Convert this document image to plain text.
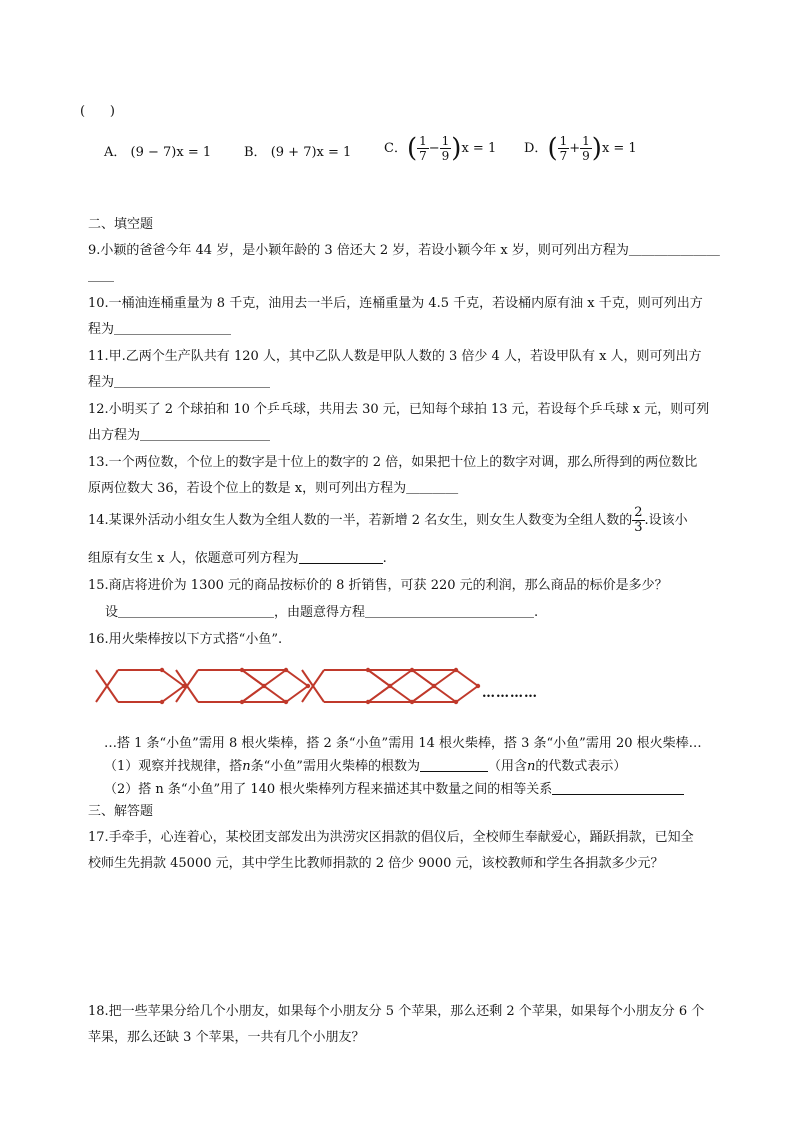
(      )
A． (9 − 7)x = 1	B． (9 + 7)x = 1	C．( $\frac{1}{7} - \frac{1}{9} )x = 1$ D．( $\frac{1}{7} + \frac{1}{9} )x = 1$
二、填空题
9.小颖的爸爸今年 44 岁，是小颖年龄的 3 倍还大 2 岁，若设小颖今年 x 岁，则可列出方程为＿＿＿＿＿＿＿
＿＿
10.一桶油连桶重量为 8 千克，油用去一半后，连桶重量为 4.5 千克，若设桶内原有油 x 千克，则可列出方
程为＿＿＿＿＿＿＿＿＿
11.甲.乙两个生产队共有 120 人，其中乙队人数是甲队人数的 3 倍少 4 人，若设甲队有 x 人，则可列出方
程为＿＿＿＿＿＿＿＿＿＿＿＿
12.小明买了 2 个球拍和 10 个乒乓球，共用去 30 元，已知每个球拍 13 元，若设每个乒乓球 x 元，则可列
出方程为＿＿＿＿＿＿＿＿＿＿
13.一个两位数，个位上的数字是十位上的数字的 2 倍，如果把十位上的数字对调，那么所得到的两位数比
原两位数大 36，若设个位上的数是 x，则可列出方程为＿＿＿＿
14.某课外活动小组女生人数为全组人数的一半，若新增 2 名女生，则女生人数变为全组人数的 $\frac{2}{3}$ .设该小
组原有女生 x 人，依题意可列方程为	.
15.商店将进价为 1300 元的商品按标价的 8 折销售，可获 220 元的利润，那么商品的标价是多少？
设＿＿＿＿＿＿＿＿＿＿＿＿，由题意得方程＿＿＿＿＿＿＿＿＿＿＿＿＿.
16.用火柴棒按以下方式搭“小鱼”.
…………
…搭 1 条“小鱼”需用 8 根火柴棒，搭 2 条“小鱼”需用 14 根火柴棒，搭 3 条“小鱼”需用 20 根火柴棒…
（1）观察并找规律，搭n条“小鱼”需用火柴棒的根数为	（用含n的代数式表示）
（2）搭 n 条“小鱼”用了 140 根火柴棒列方程来描述其中数量之间的相等关系
三、解答题
17.手牵手，心连着心，某校团支部发出为洪涝灾区捐款的倡仪后，全校师生奉献爱心，踊跃捐款，已知全
校师生先捐款 45000 元，其中学生比教师捐款的 2 倍少 9000 元，该校教师和学生各捐款多少元？
18.把一些苹果分给几个小朋友，如果每个小朋友分 5 个苹果，那么还剩 2 个苹果，如果每个小朋友分 6 个
苹果，那么还缺 3 个苹果，一共有几个小朋友？
